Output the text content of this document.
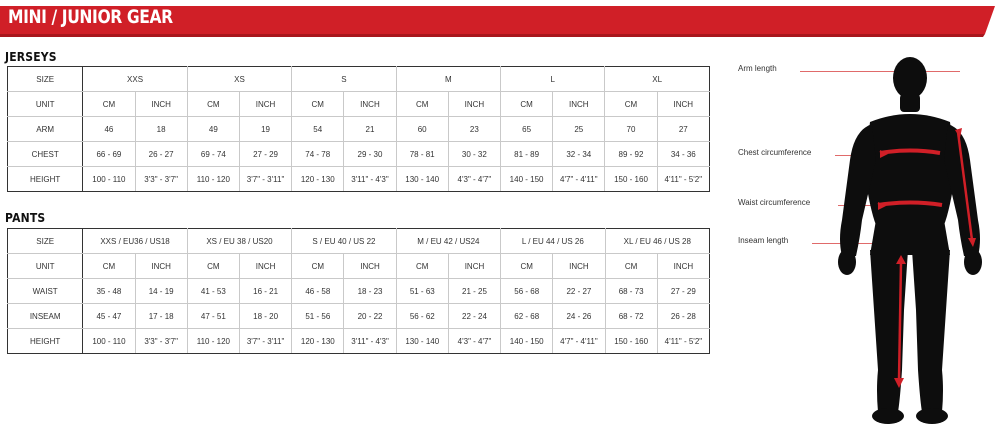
MINI / JUNIOR GEAR
JERSEYS
SIZE	XXS		XS		S		M		L		XL	
UNIT	CM	INCH	CM	INCH	CM	INCH	CM	INCH	CM	INCH	CM	INCH
ARM	46	18	49	19	54	21	60	23	65	25	70	27
CHEST	66 - 69	26 - 27	69 - 74	27 - 29	74 - 78	29 - 30	78 - 81	30 - 32	81 - 89	32 - 34	89 - 92	34 - 36
HEIGHT	100 - 110	3'3" - 3'7"	110 - 120	3'7" - 3'11"	120 - 130	3'11" - 4'3"	130 - 140	4'3" - 4'7"	140 - 150	4'7" - 4'11"	150 - 160	4'11" - 5'2"
PANTS
SIZE	XXS / EU36 / US18		XS / EU 38 / US20		S / EU 40 / US 22		M / EU 42 / US24		L / EU 44 / US 26		XL / EU 46 / US 28	
UNIT	CM	INCH	CM	INCH	CM	INCH	CM	INCH	CM	INCH	CM	INCH
WAIST	35 - 48	14 - 19	41 - 53	16 - 21	46 - 58	18 - 23	51 - 63	21 - 25	56 - 68	22 - 27	68 - 73	27 - 29
INSEAM	45 - 47	17 - 18	47 - 51	18 - 20	51 - 56	20 - 22	56 - 62	22 - 24	62 - 68	24 - 26	68 - 72	26 - 28
HEIGHT	100 - 110	3'3" - 3'7"	110 - 120	3'7" - 3'11"	120 - 130	3'11" - 4'3"	130 - 140	4'3" - 4'7"	140 - 150	4'7" - 4'11"	150 - 160	4'11" - 5'2"
Arm length
Chest circumference
Waist circumference
Inseam length
